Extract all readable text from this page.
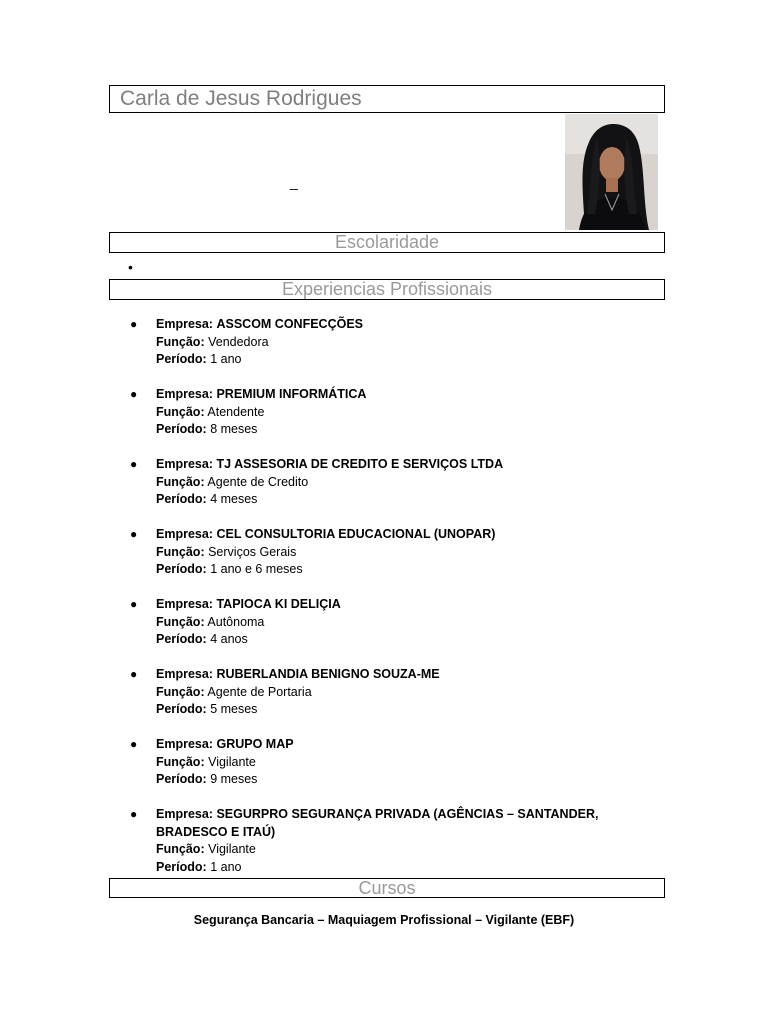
Carla de Jesus Rodrigues
_
Escolaridade
•
Experiencias Profissionais
● Empresa: ASSCOM CONFECÇÕES
Função: Vendedora
Período: 1 ano
● Empresa: PREMIUM INFORMÁTICA
Função: Atendente
Período: 8 meses
● Empresa: TJ ASSESORIA DE CREDITO E SERVIÇOS LTDA
Função: Agente de Credito
Período: 4 meses
● Empresa: CEL CONSULTORIA EDUCACIONAL (UNOPAR)
Função: Serviços Gerais
Período: 1 ano e 6 meses
● Empresa: TAPIOCA KI DELIÇIA
Função: Autônoma
Período: 4 anos
● Empresa: RUBERLANDIA BENIGNO SOUZA-ME
Função: Agente de Portaria
Período: 5 meses
● Empresa: GRUPO MAP
Função: Vigilante
Período: 9 meses
● Empresa: SEGURPRO SEGURANÇA PRIVADA (AGÊNCIAS – SANTANDER, BRADESCO E ITAÚ)
Função: Vigilante
Período: 1 ano
Cursos
Segurança Bancaria – Maquiagem Profissional – Vigilante (EBF)
